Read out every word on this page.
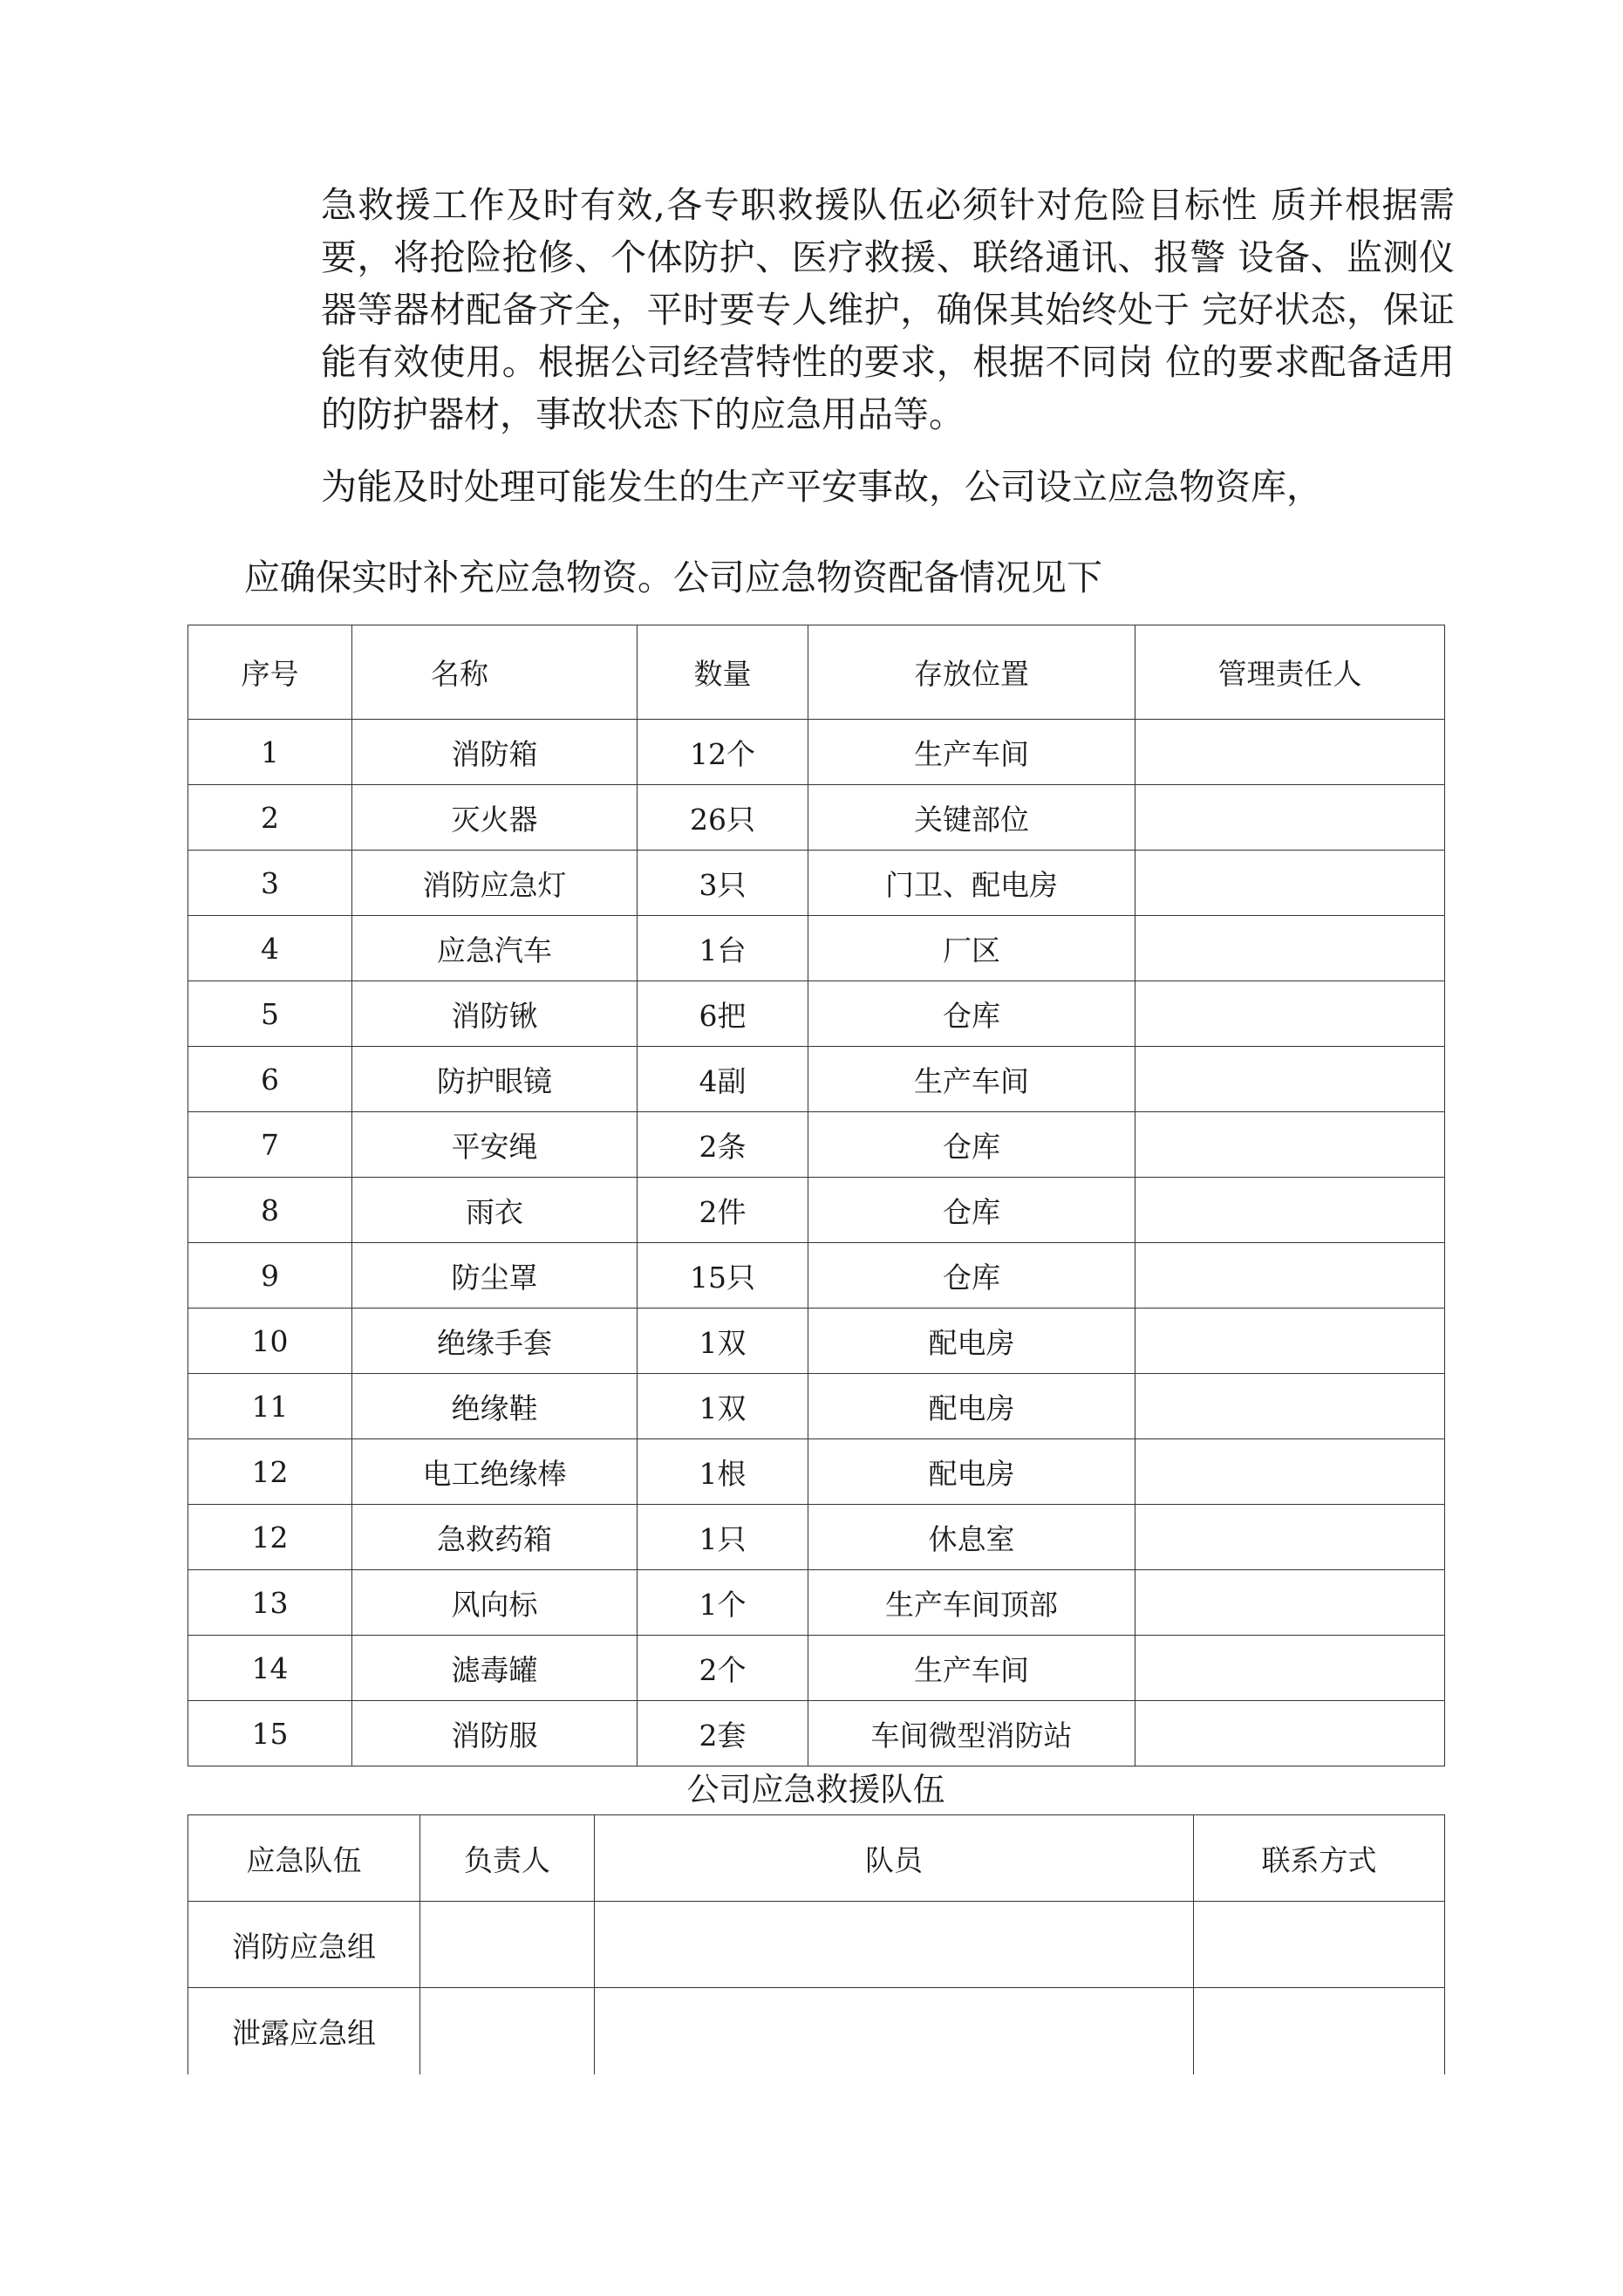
急救援工作及时有效,各专职救援队伍必须针对危险目标性 质并根据需要，将抢险抢修、个体防护、医疗救援、联络通讯、报警 设备、监测仪器等器材配备齐全，平时要专人维护，确保其始终处于 完好状态，保证能有效使用。根据公司经营特性的要求，根据不同岗 位的要求配备适用的防护器材，事故状态下的应急用品等。

为能及时处理可能发生的生产平安事故，公司设立应急物资库，

应确保实时补充应急物资。公司应急物资配备情况见下

序号	名称	数量	存放位置	管理责任人
1	消防箱	12个	生产车间	
2	灭火器	26只	关键部位	
3	消防应急灯	3只	门卫、配电房	
4	应急汽车	1台	厂区	
5	消防锹	6把	仓库	
6	防护眼镜	4副	生产车间	
7	平安绳	2条	仓库	
8	雨衣	2件	仓库	
9	防尘罩	15只	仓库	
10	绝缘手套	1双	配电房	
11	绝缘鞋	1双	配电房	
12	电工绝缘棒	1根	配电房	
12	急救药箱	1只	休息室	
13	风向标	1个	生产车间顶部	
14	滤毒罐	2个	生产车间	
15	消防服	2套	车间微型消防站	
公司应急救援队伍
应急队伍	负责人	队员	联系方式
消防应急组			
泄露应急组			
